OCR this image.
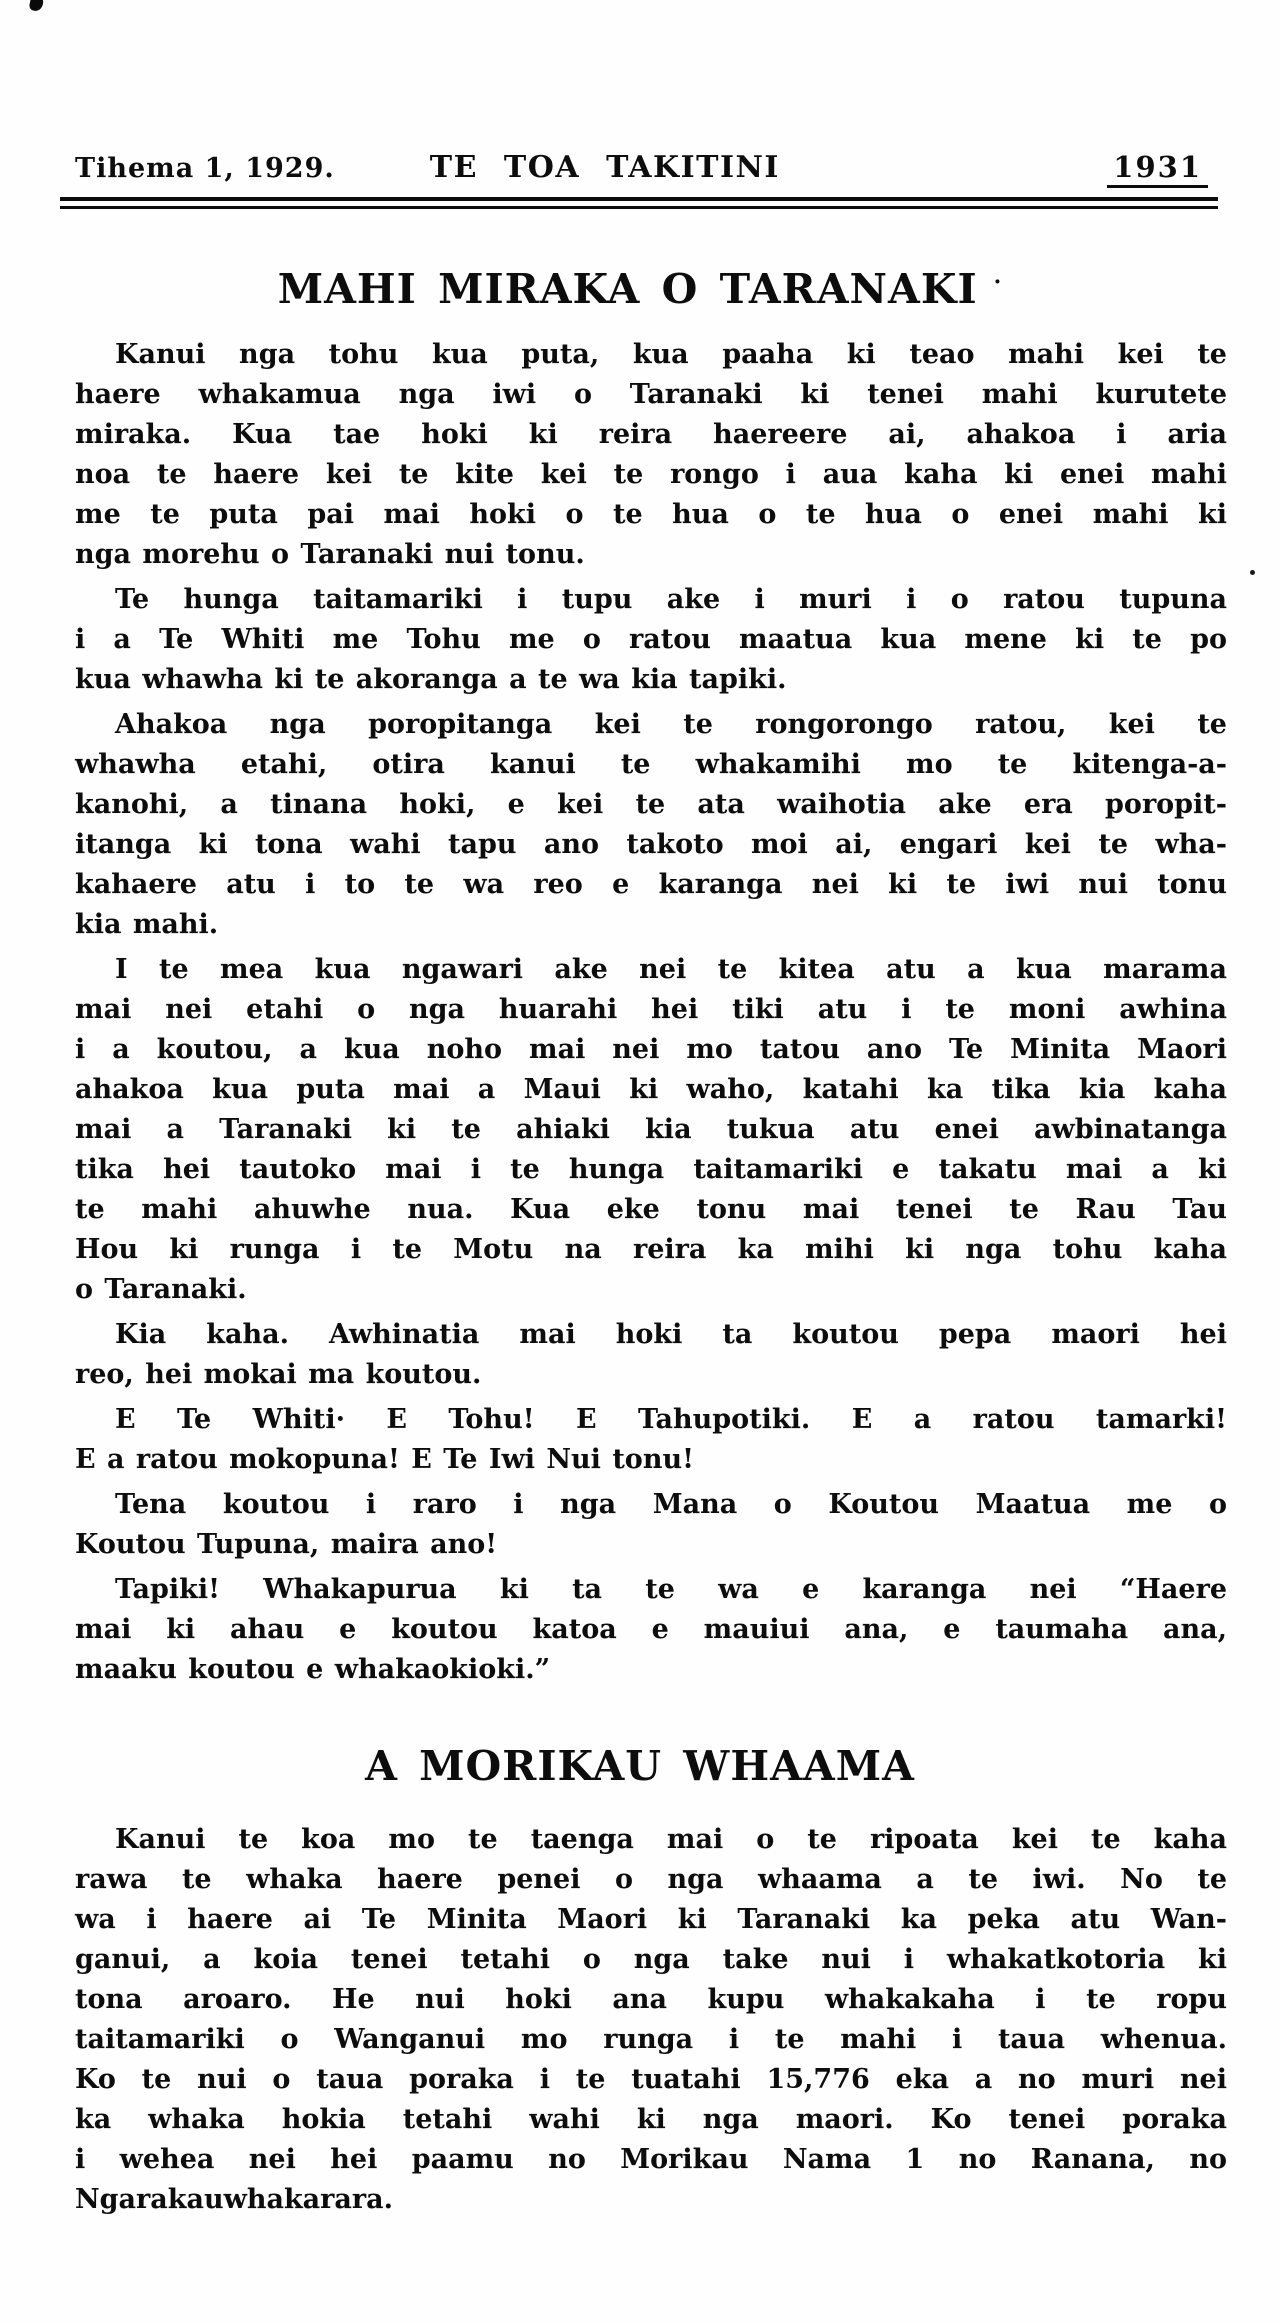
Tihema 1, 1929.	TE TOA TAKITINI	1931
MAHI MIRAKA O TARANAKI ·
Kanui nga tohu kua puta, kua paaha ki teao mahi kei te
haere whakamua nga iwi o Taranaki ki tenei mahi kurutete
miraka. Kua tae hoki ki reira haereere ai, ahakoa i aria
noa te haere kei te kite kei te rongo i aua kaha ki enei mahi
me te puta pai mai hoki o te hua o te hua o enei mahi ki
nga morehu o Taranaki nui tonu.
Te hunga taitamariki i tupu ake i muri i o ratou tupuna
i a Te Whiti me Tohu me o ratou maatua kua mene ki te po
kua whawha ki te akoranga a te wa kia tapiki.
Ahakoa nga poropitanga kei te rongorongo ratou, kei te
whawha etahi, otira kanui te whakamihi mo te kitenga-a-
kanohi, a tinana hoki, e kei te ata waihotia ake era poropit-
itanga ki tona wahi tapu ano takoto moi ai, engari kei te wha-
kahaere atu i to te wa reo e karanga nei ki te iwi nui tonu
kia mahi.
I te mea kua ngawari ake nei te kitea atu a kua marama
mai nei etahi o nga huarahi hei tiki atu i te moni awhina
i a koutou, a kua noho mai nei mo tatou ano Te Minita Maori
ahakoa kua puta mai a Maui ki waho, katahi ka tika kia kaha
mai a Taranaki ki te ahiaki kia tukua atu enei awbinatanga
tika hei tautoko mai i te hunga taitamariki e takatu mai a ki
te mahi ahuwhe nua. Kua eke tonu mai tenei te Rau Tau
Hou ki runga i te Motu na reira ka mihi ki nga tohu kaha
o Taranaki.
Kia kaha. Awhinatia mai hoki ta koutou pepa maori hei
reo, hei mokai ma koutou.
E Te Whiti· E Tohu! E Tahupotiki. E a ratou tamarki!
E a ratou mokopuna! E Te Iwi Nui tonu!
Tena koutou i raro i nga Mana o Koutou Maatua me o
Koutou Tupuna, maira ano!
Tapiki! Whakapurua ki ta te wa e karanga nei “Haere
mai ki ahau e koutou katoa e mauiui ana, e taumaha ana,
maaku koutou e whakaokioki.”
A MORIKAU WHAAMA
Kanui te koa mo te taenga mai o te ripoata kei te kaha
rawa te whaka haere penei o nga whaama a te iwi. No te
wa i haere ai Te Minita Maori ki Taranaki ka peka atu Wan-
ganui, a koia tenei tetahi o nga take nui i whakatkotoria ki
tona aroaro. He nui hoki ana kupu whakakaha i te ropu
taitamariki o Wanganui mo runga i te mahi i taua whenua.
Ko te nui o taua poraka i te tuatahi 15,776 eka a no muri nei
ka whaka hokia tetahi wahi ki nga maori. Ko tenei poraka
i wehea nei hei paamu no Morikau Nama 1 no Ranana, no
Ngarakauwhakarara.
